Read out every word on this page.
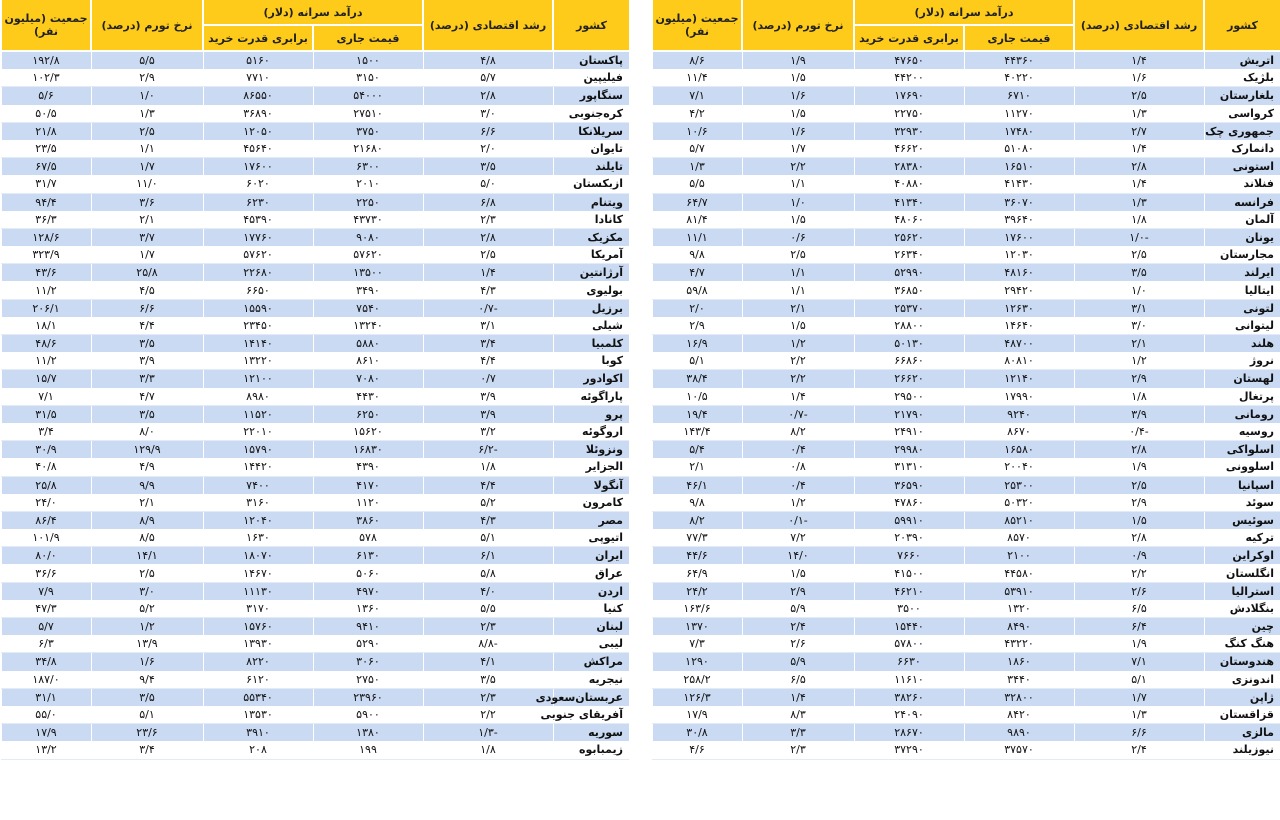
کشور	رشد اقتصادی (درصد)	درآمد سرانه (دلار)		نرخ تورم (درصد)	جمعیت (میلیون نفر)
		قیمت جاری	برابری قدرت خرید		
اتریش	۱/۴	۴۴۳۶۰	۴۷۶۵۰	۱/۹	۸/۶
بلژیک	۱/۶	۴۰۲۲۰	۴۴۲۰۰	۱/۵	۱۱/۴
بلغارستان	۲/۵	۶۷۱۰	۱۷۶۹۰	۱/۶	۷/۱
کرواسی	۱/۳	۱۱۲۷۰	۲۲۷۵۰	۱/۵	۴/۲
جمهوری چک	۲/۷	۱۷۴۸۰	۳۲۹۳۰	۱/۶	۱۰/۶
دانمارک	۱/۴	۵۱۰۸۰	۴۶۶۲۰	۱/۷	۵/۷
استونی	۲/۸	۱۶۵۱۰	۲۸۳۸۰	۲/۲	۱/۳
فنلاند	۱/۴	۴۱۴۳۰	۴۰۸۸۰	۱/۱	۵/۵
فرانسه	۱/۳	۳۶۰۷۰	۴۱۳۴۰	۱/۰	۶۴/۷
آلمان	۱/۸	۳۹۶۴۰	۴۸۰۶۰	۱/۵	۸۱/۴
یونان	-۱/۰	۱۷۶۰۰	۲۵۶۲۰	۰/۶	۱۱/۱
مجارستان	۲/۵	۱۲۰۳۰	۲۶۳۴۰	۲/۵	۹/۸
ایرلند	۳/۵	۴۸۱۶۰	۵۲۹۹۰	۱/۱	۴/۷
ایتالیا	۱/۰	۲۹۴۲۰	۳۶۸۵۰	۱/۱	۵۹/۸
لتونی	۳/۱	۱۲۶۳۰	۲۵۳۷۰	۲/۱	۲/۰
لیتوانی	۳/۰	۱۴۶۴۰	۲۸۸۰۰	۱/۵	۲/۹
هلند	۲/۱	۴۸۷۰۰	۵۰۱۳۰	۱/۲	۱۶/۹
نروژ	۱/۲	۸۰۸۱۰	۶۶۸۶۰	۲/۲	۵/۱
لهستان	۲/۹	۱۲۱۴۰	۲۶۶۲۰	۲/۲	۳۸/۴
پرتغال	۱/۸	۱۷۹۹۰	۲۹۵۰۰	۱/۴	۱۰/۵
رومانی	۳/۹	۹۲۴۰	۲۱۷۹۰	-۰/۷	۱۹/۴
روسیه	-۰/۴	۸۶۷۰	۲۴۹۱۰	۸/۲	۱۴۳/۴
اسلواکی	۲/۸	۱۶۵۸۰	۲۹۹۸۰	۰/۴	۵/۴
اسلوونی	۱/۹	۲۰۰۴۰	۳۱۳۱۰	۰/۸	۲/۱
اسپانیا	۲/۵	۲۵۳۰۰	۳۶۵۹۰	۰/۴	۴۶/۱
سوئد	۲/۹	۵۰۳۲۰	۴۷۸۶۰	۱/۲	۹/۸
سوئیس	۱/۵	۸۵۲۱۰	۵۹۹۱۰	-۰/۱	۸/۲
ترکیه	۲/۸	۸۵۷۰	۲۰۳۹۰	۷/۲	۷۷/۳
اوکراین	۰/۹	۲۱۰۰	۷۶۶۰	۱۴/۰	۴۴/۶
انگلستان	۲/۲	۴۴۵۸۰	۴۱۵۰۰	۱/۵	۶۴/۹
استرالیا	۲/۶	۵۳۹۱۰	۴۶۲۱۰	۲/۹	۲۴/۲
بنگلادش	۶/۵	۱۳۲۰	۳۵۰۰	۵/۹	۱۶۳/۶
چین	۶/۴	۸۴۹۰	۱۵۴۴۰	۲/۴	۱۳۷۰
هنگ کنگ	۱/۹	۴۳۲۲۰	۵۷۸۰۰	۲/۶	۷/۳
هندوستان	۷/۱	۱۸۶۰	۶۶۳۰	۵/۹	۱۲۹۰
اندونزی	۵/۱	۳۴۴۰	۱۱۶۱۰	۶/۵	۲۵۸/۲
ژاپن	۱/۷	۳۲۸۰۰	۳۸۲۶۰	۱/۴	۱۲۶/۳
قزاقستان	۱/۳	۸۴۲۰	۲۴۰۹۰	۸/۳	۱۷/۹
مالزی	۶/۶	۹۸۹۰	۲۸۶۷۰	۳/۳	۳۰/۸
نیوزیلند	۲/۴	۳۷۵۷۰	۳۷۲۹۰	۲/۳	۴/۶
کشور	رشد اقتصادی (درصد)	درآمد سرانه (دلار)		نرخ تورم (درصد)	جمعیت (میلیون نفر)
		قیمت جاری	برابری قدرت خرید		
پاکستان	۴/۸	۱۵۰۰	۵۱۶۰	۵/۵	۱۹۲/۸
فیلیپین	۵/۷	۳۱۵۰	۷۷۱۰	۲/۹	۱۰۲/۳
سنگاپور	۲/۸	۵۴۰۰۰	۸۶۵۵۰	۱/۰	۵/۶
کره‌جنوبی	۳/۰	۲۷۵۱۰	۳۶۸۹۰	۱/۳	۵۰/۵
سریلانکا	۶/۶	۳۷۵۰	۱۲۰۵۰	۲/۵	۲۱/۸
تایوان	۲/۰	۲۱۶۸۰	۴۵۶۴۰	۱/۱	۲۳/۵
تایلند	۳/۵	۶۳۰۰	۱۷۶۰۰	۱/۷	۶۷/۵
ازبکستان	۵/۰	۲۰۱۰	۶۰۲۰	۱۱/۰	۳۱/۷
ویتنام	۶/۸	۲۲۵۰	۶۲۳۰	۳/۶	۹۴/۴
کانادا	۲/۳	۴۳۷۳۰	۴۵۳۹۰	۲/۱	۳۶/۳
مکزیک	۲/۸	۹۰۸۰	۱۷۷۶۰	۳/۷	۱۲۸/۶
آمریکا	۲/۵	۵۷۶۲۰	۵۷۶۲۰	۱/۷	۳۲۳/۹
آرژانتین	۱/۴	۱۳۵۰۰	۲۲۶۸۰	۲۵/۸	۴۳/۶
بولیوی	۴/۳	۳۴۹۰	۶۶۵۰	۴/۵	۱۱/۲
برزیل	-۰/۷	۷۵۴۰	۱۵۵۹۰	۶/۶	۲۰۶/۱
شیلی	۳/۱	۱۳۲۴۰	۲۳۴۵۰	۴/۴	۱۸/۱
کلمبیا	۳/۴	۵۸۸۰	۱۴۱۴۰	۳/۵	۴۸/۶
کوبا	۴/۴	۸۶۱۰	۱۳۲۲۰	۳/۹	۱۱/۲
اکوادور	۰/۷	۷۰۸۰	۱۲۱۰۰	۳/۳	۱۵/۷
پاراگوئه	۳/۹	۴۴۳۰	۸۹۸۰	۴/۷	۷/۱
پرو	۳/۹	۶۲۵۰	۱۱۵۲۰	۳/۵	۳۱/۵
اروگوئه	۳/۲	۱۵۶۲۰	۲۲۰۱۰	۸/۰	۳/۴
ونزوئلا	-۶/۲	۱۶۸۳۰	۱۵۷۹۰	۱۲۹/۹	۳۰/۹
الجزایر	۱/۸	۴۳۹۰	۱۴۴۲۰	۴/۹	۴۰/۸
آنگولا	۴/۴	۴۱۷۰	۷۴۰۰	۹/۹	۲۵/۸
کامرون	۵/۲	۱۱۲۰	۳۱۶۰	۲/۱	۲۴/۰
مصر	۴/۳	۳۸۶۰	۱۲۰۴۰	۸/۹	۸۶/۴
اتیوپی	۵/۱	۵۷۸	۱۶۳۰	۸/۵	۱۰۱/۹
ایران	۶/۱	۶۱۳۰	۱۸۰۷۰	۱۴/۱	۸۰/۰
عراق	۵/۸	۵۰۶۰	۱۴۶۷۰	۲/۵	۳۶/۶
اردن	۴/۰	۴۹۷۰	۱۱۱۳۰	۳/۰	۷/۹
کنیا	۵/۵	۱۳۶۰	۳۱۷۰	۵/۲	۴۷/۳
لبنان	۲/۳	۹۴۱۰	۱۵۷۶۰	۱/۲	۵/۷
لیبی	-۸/۸	۵۲۹۰	۱۳۹۳۰	۱۳/۹	۶/۳
مراکش	۴/۱	۳۰۶۰	۸۲۲۰	۱/۶	۳۴/۸
نیجریه	۳/۵	۲۷۵۰	۶۱۲۰	۹/۴	۱۸۷/۰
عربستان‌سعودی	۲/۳	۲۳۹۶۰	۵۵۳۴۰	۳/۵	۳۱/۱
آفریقای جنوبی	۲/۲	۵۹۰۰	۱۳۵۳۰	۵/۱	۵۵/۰
سوریه	-۱/۳	۱۳۸۰	۳۹۱۰	۲۳/۶	۱۷/۹
زیمبابوه	۱/۸	۱۹۹	۲۰۸	۳/۴	۱۳/۲
